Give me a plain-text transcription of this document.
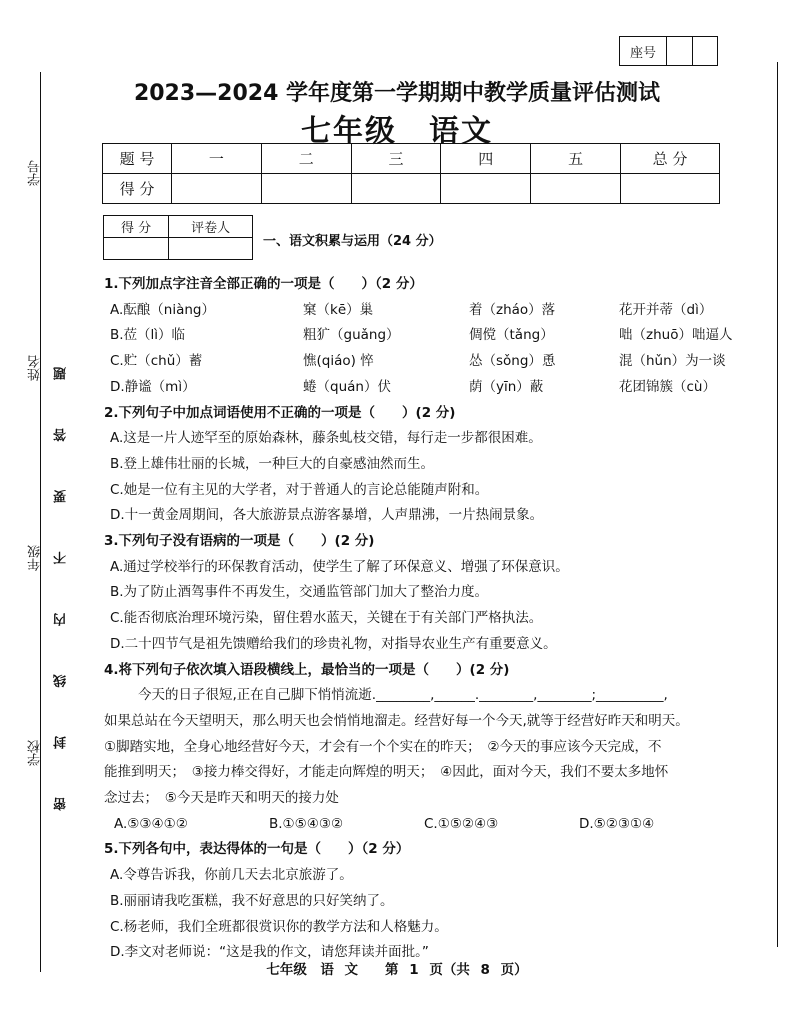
座号
学号
姓名
年级
学校 密 封 线 内 不 要 答 题
2023—2024 学年度第一学期期中教学质量评估测试
七年级　语文
题 号	一	二	三	四	五	总 分
得 分						
得 分	评卷人

一、语文积累与运用（24 分）
1.下列加点字注音全部正确的一项是（　　）（2 分）
A.酝酿（niàng）	窠（kē）巢	着（zháo）落	花开并蒂（dì）
B.莅（lì）临	粗犷（guǎng）	倜傥（tǎng）	咄（zhuō）咄逼人
C.贮（chǔ）蓄	憔(qiáo) 悴	怂（sǒng）恿	混（hǔn）为一谈
D.静谧（mì）	蜷（quán）伏	荫（yīn）蔽	花团锦簇（cù）
2.下列句子中加点词语使用不正确的一项是（　　）(2 分)
A.这是一片人迹罕至的原始森林，藤条虬枝交错，每行走一步都很困难。
B.登上雄伟壮丽的长城，一种巨大的自豪感油然而生。
C.她是一位有主见的大学者，对于普通人的言论总能随声附和。
D.十一黄金周期间，各大旅游景点游客暴增，人声鼎沸，一片热闹景象。
3.下列句子没有语病的一项是（　　）(2 分)
A.通过学校举行的环保教育活动，使学生了解了环保意义、增强了环保意识。
B.为了防止酒驾事件不再发生，交通监管部门加大了整治力度。
C.能否彻底治理环境污染，留住碧水蓝天，关键在于有关部门严格执法。
D.二十四节气是祖先馈赠给我们的珍贵礼物，对指导农业生产有重要意义。
4.将下列句子依次填入语段横线上，最恰当的一项是（　　）(2 分)
今天的日子很短,正在自己脚下悄悄流逝.________,______.________,________;__________,
如果总站在今天望明天，那么明天也会悄悄地溜走。经营好每一个今天,就等于经营好昨天和明天。
①脚踏实地，全身心地经营好今天，才会有一个个实在的昨天；　②今天的事应该今天完成，不
能推到明天；　③接力棒交得好，才能走向辉煌的明天；　④因此，面对今天，我们不要太多地怀
念过去；　⑤今天是昨天和明天的接力处
A.⑤③④①②	B.①⑤④③②	C.①⑤②④③	D.⑤②③①④
5.下列各句中，表达得体的一句是（　　）（2 分）
A.令尊告诉我，你前几天去北京旅游了。
B.丽丽请我吃蛋糕，我不好意思的只好笑纳了。
C.杨老师，我们全班都很赏识你的教学方法和人格魅力。
D.李文对老师说：“这是我的作文，请您拜读并面批。”
七年级　语 文　　第 1 页（共 8 页）
